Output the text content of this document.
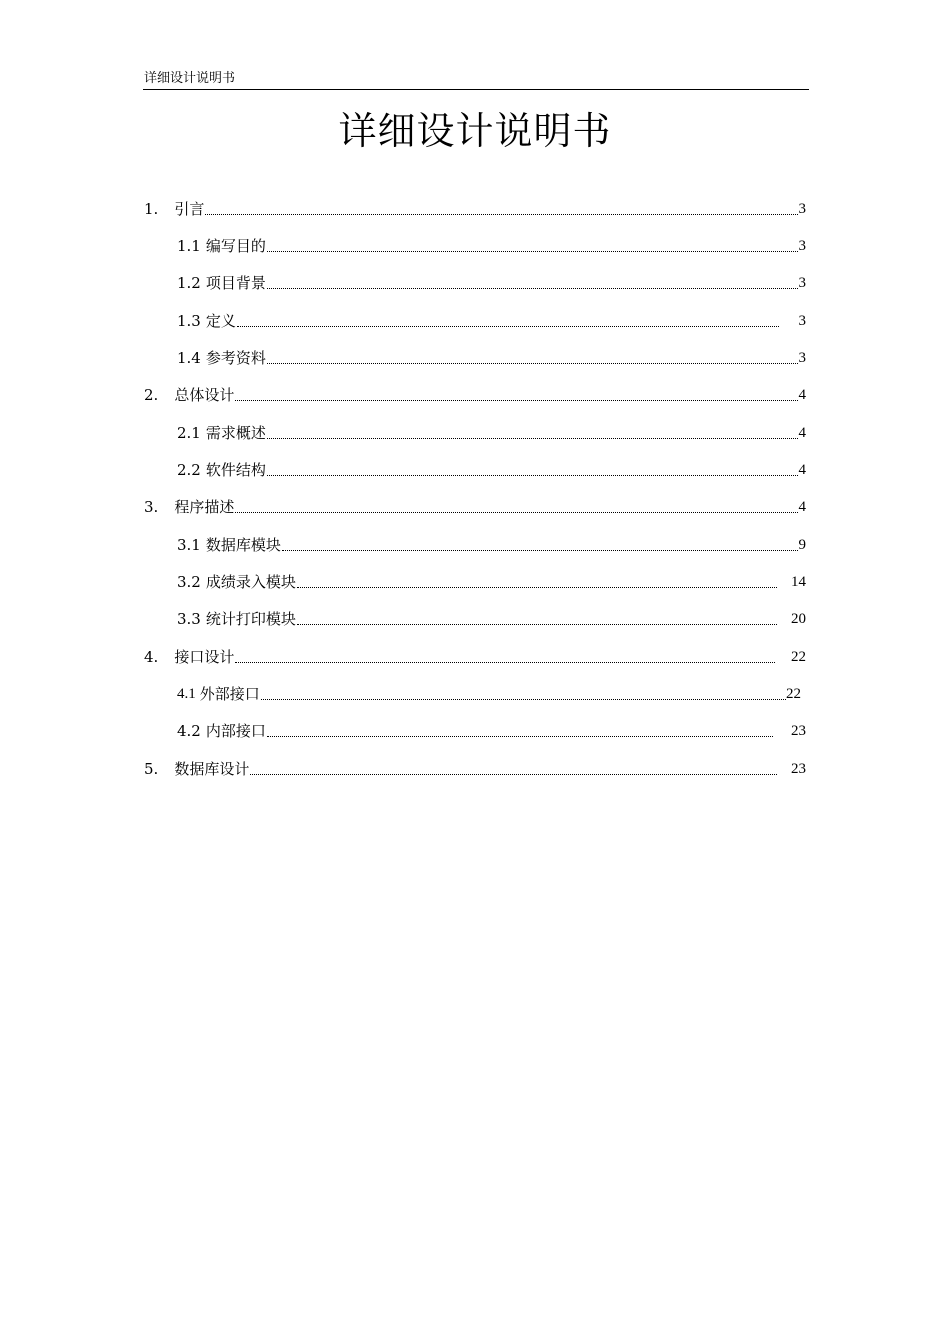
详细设计说明书
详细设计说明书
1. 引言	3
1.1 编写目的	3
1.2 项目背景	3
1.3 定义	3
1.4 参考资料	3
2. 总体设计	4
2.1 需求概述	4
2.2 软件结构	4
3. 程序描述	4
3.1 数据库模块	9
3.2 成绩录入模块	14
3.3 统计打印模块	20
4. 接口设计	22
4.1 外部接口	22
4.2 内部接口	23
5. 数据库设计	23
